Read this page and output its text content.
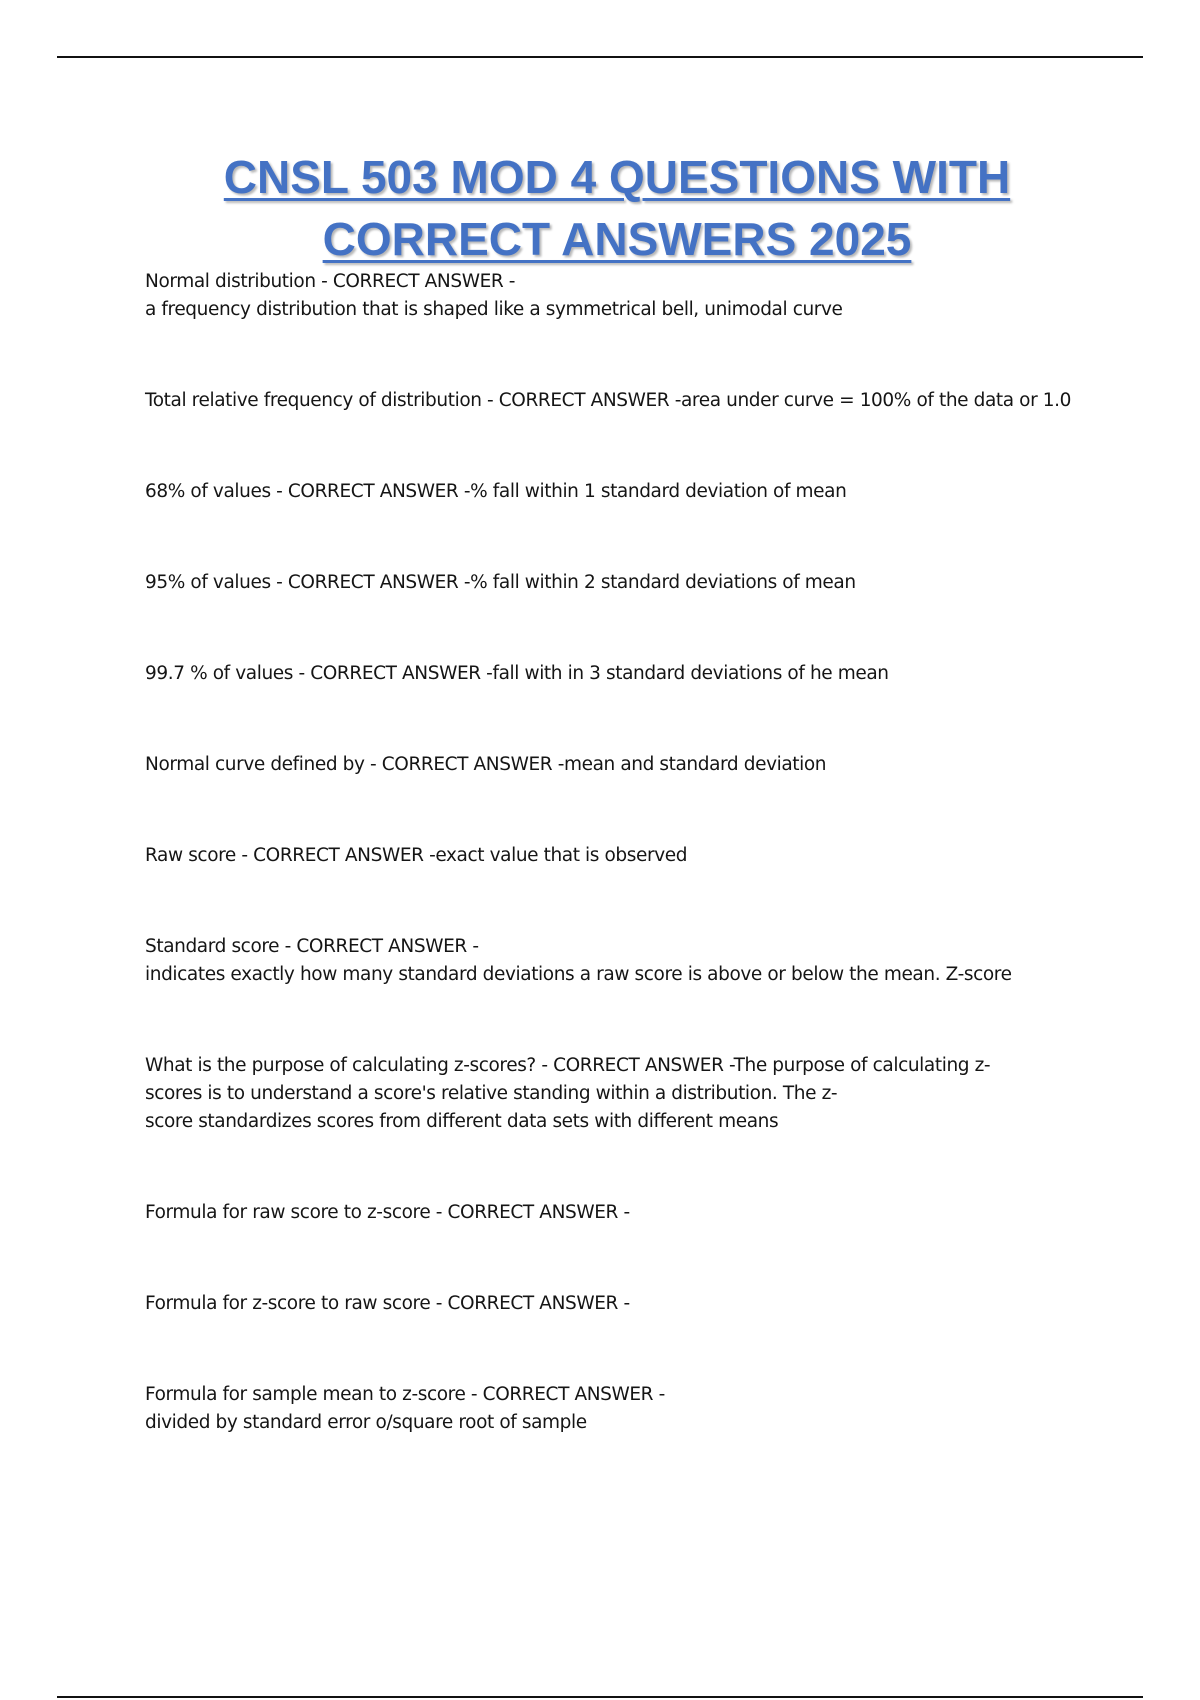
CNSL 503 MOD 4 QUESTIONS WITH
CORRECT ANSWERS 2025
Normal distribution - CORRECT ANSWER -
a frequency distribution that is shaped like a symmetrical bell, unimodal curve
Total relative frequency of distribution - CORRECT ANSWER -area under curve = 100% of the data or 1.0
68% of values - CORRECT ANSWER -% fall within 1 standard deviation of mean
95% of values - CORRECT ANSWER -% fall within 2 standard deviations of mean
99.7 % of values - CORRECT ANSWER -fall with in 3 standard deviations of he mean
Normal curve defined by - CORRECT ANSWER -mean and standard deviation
Raw score - CORRECT ANSWER -exact value that is observed
Standard score - CORRECT ANSWER -
indicates exactly how many standard deviations a raw score is above or below the mean. Z-score
What is the purpose of calculating z-scores? - CORRECT ANSWER -The purpose of calculating z-
scores is to understand a score's relative standing within a distribution. The z-
score standardizes scores from different data sets with different means
Formula for raw score to z-score - CORRECT ANSWER -
Formula for z-score to raw score - CORRECT ANSWER -
Formula for sample mean to z-score - CORRECT ANSWER -
divided by standard error o/square root of sample
